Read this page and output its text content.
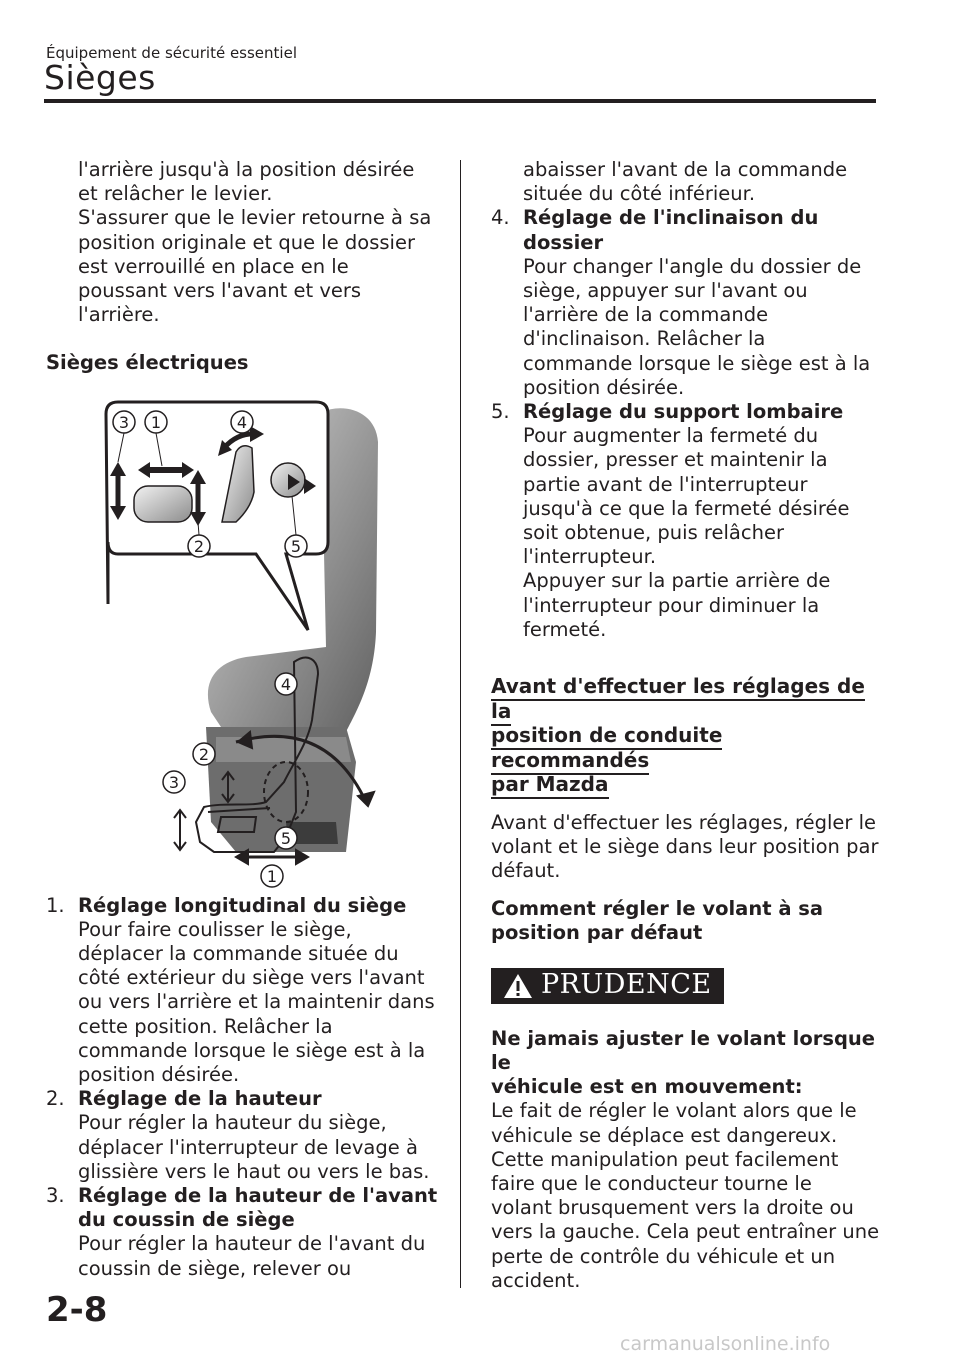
Équipement de sécurité essentiel
Sièges

l'arrière jusqu'à la position désirée

et relâcher le levier.

S'assurer que le levier retourne à sa

position originale et que le dossier

est verrouillé en place en le

poussant vers l'avant et vers

l'arrière.

Sièges électriques

3 1	4
2	5
4
2
3
5
1
1. Réglage longitudinal du siège

Pour faire coulisser le siège,

déplacer la commande située du

côté extérieur du siège vers l'avant

ou vers l'arrière et la maintenir dans

cette position. Relâcher la

commande lorsque le siège est à la

position désirée.

2. Réglage de la hauteur

Pour régler la hauteur du siège,

déplacer l'interrupteur de levage à

glissière vers le haut ou vers le bas.

3. Réglage de la hauteur de l'avant

du coussin de siège

Pour régler la hauteur de l'avant du

coussin de siège, relever ou

abaisser l'avant de la commande

située du côté inférieur.

4. Réglage de l'inclinaison du dossier

Pour changer l'angle du dossier de

siège, appuyer sur l'avant ou

l'arrière de la commande

d'inclinaison. Relâcher la

commande lorsque le siège est à la

position désirée.

5. Réglage du support lombaire

Pour augmenter la fermeté du

dossier, presser et maintenir la

partie avant de l'interrupteur

jusqu'à ce que la fermeté désirée

soit obtenue, puis relâcher

l'interrupteur.

Appuyer sur la partie arrière de

l'interrupteur pour diminuer la

fermeté.

Avant d'effectuer les réglages de la

position de conduite recommandés

par Mazda

Avant d'effectuer les réglages, régler le

volant et le siège dans leur position par

défaut.

Comment régler le volant à sa

position par défaut

PRUDENCE

Ne jamais ajuster le volant lorsque le

véhicule est en mouvement:

Le fait de régler le volant alors que le

véhicule se déplace est dangereux.

Cette manipulation peut facilement

faire que le conducteur tourne le

volant brusquement vers la droite ou

vers la gauche. Cela peut entraîner une

perte de contrôle du véhicule et un

accident.

2-8
carmanualsonline.info
